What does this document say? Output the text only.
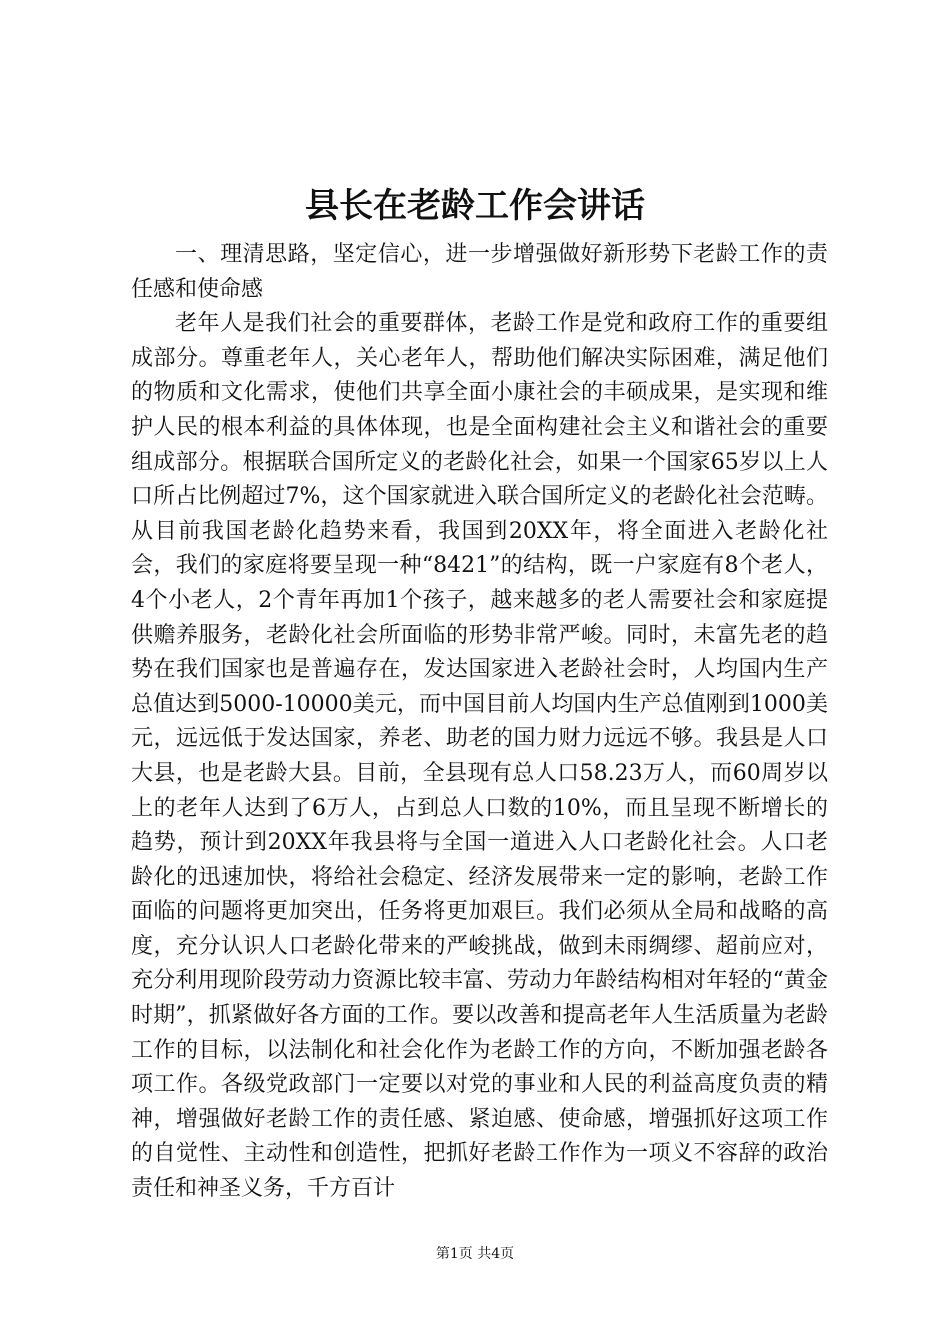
县长在老龄工作会讲话

一、理清思路，坚定信心，进一步增强做好新形势下老龄工作的责任感和使命感

老年人是我们社会的重要群体，老龄工作是党和政府工作的重要组成部分。尊重老年人，关心老年人，帮助他们解决实际困难，满足他们的物质和文化需求，使他们共享全面小康社会的丰硕成果，是实现和维护人民的根本利益的具体体现，也是全面构建社会主义和谐社会的重要组成部分。根据联合国所定义的老龄化社会，如果一个国家65岁以上人口所占比例超过7%，这个国家就进入联合国所定义的老龄化社会范畴。从目前我国老龄化趋势来看，我国到20XX年，将全面进入老龄化社会，我们的家庭将要呈现一种“8421”的结构，既一户家庭有8个老人，4个小老人，2个青年再加1个孩子，越来越多的老人需要社会和家庭提供赡养服务，老龄化社会所面临的形势非常严峻。同时，未富先老的趋势在我们国家也是普遍存在，发达国家进入老龄社会时，人均国内生产总值达到5000-10000美元，而中国目前人均国内生产总值刚到1000美元，远远低于发达国家，养老、助老的国力财力远远不够。我县是人口大县，也是老龄大县。目前，全县现有总人口58.23万人，而60周岁以上的老年人达到了6万人，占到总人口数的10%，而且呈现不断增长的趋势，预计到20XX年我县将与全国一道进入人口老龄化社会。人口老龄化的迅速加快，将给社会稳定、经济发展带来一定的影响，老龄工作面临的问题将更加突出，任务将更加艰巨。我们必须从全局和战略的高度，充分认识人口老龄化带来的严峻挑战，做到未雨绸缪、超前应对，充分利用现阶段劳动力资源比较丰富、劳动力年龄结构相对年轻的“黄金时期”，抓紧做好各方面的工作。要以改善和提高老年人生活质量为老龄工作的目标，以法制化和社会化作为老龄工作的方向，不断加强老龄各项工作。各级党政部门一定要以对党的事业和人民的利益高度负责的精神，增强做好老龄工作的责任感、紧迫感、使命感，增强抓好这项工作的自觉性、主动性和创造性，把抓好老龄工作作为一项义不容辞的政治责任和神圣义务，千方百计

第1页 共4页
